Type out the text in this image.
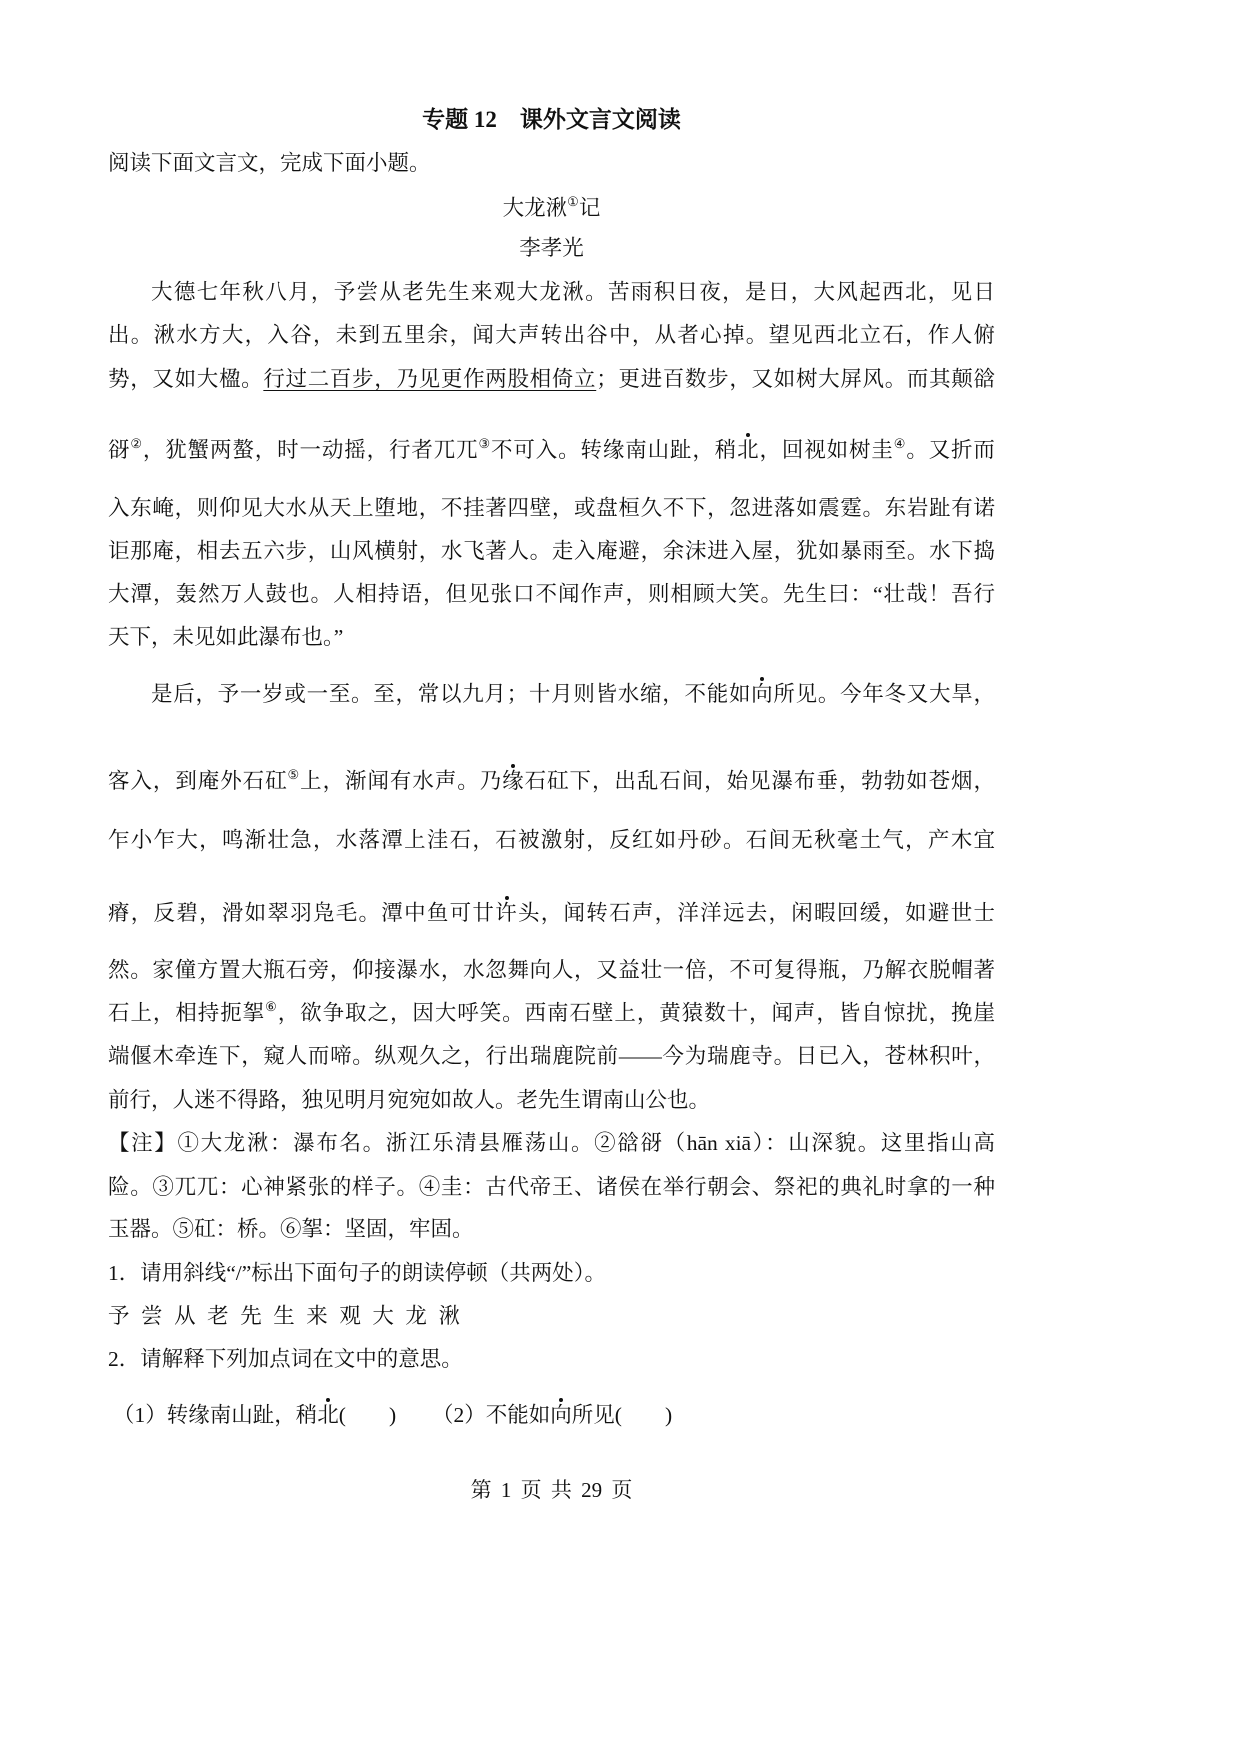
专题 12　课外文言文阅读
阅读下面文言文，完成下面小题。
大龙湫①记
李孝光
大德七年秋八月，予尝从老先生来观大龙湫。苦雨积日夜，是日，大风起西北，见日
出。湫水方大，入谷，未到五里余，闻大声转出谷中，从者心掉。望见西北立石，作人俯
势，又如大楹。行过二百步，乃见更作两股相倚立；更进百数步，又如树大屏风。而其颠谽
谺②，犹蟹两螯，时一动摇，行者兀兀③不可入。转缘南山趾，稍北，回视如树圭④。又折而
入东崦，则仰见大水从天上堕地，不挂著四壁，或盘桓久不下，忽进落如震霆。东岩趾有诺
讵那庵，相去五六步，山风横射，水飞著人。走入庵避，余沫进入屋，犹如暴雨至。水下捣
大潭，轰然万人鼓也。人相持语，但见张口不闻作声，则相顾大笑。先生曰：“壮哉！吾行
天下，未见如此瀑布也。”
是后，予一岁或一至。至，常以九月；十月则皆水缩，不能如向所见。今年冬又大旱，
客入，到庵外石矼⑤上，渐闻有水声。乃缘石矼下，出乱石间，始见瀑布垂，勃勃如苍烟，
乍小乍大，鸣渐壮急，水落潭上洼石，石被激射，反红如丹砂。石间无秋毫土气，产木宜
瘠，反碧，滑如翠羽凫毛。潭中鱼可廿许头，闻转石声，洋洋远去，闲暇回缓，如避世士
然。家僮方置大瓶石旁，仰接瀑水，水忽舞向人，又益壮一倍，不可复得瓶，乃解衣脱帽著
石上，相持扼挐⑥，欲争取之，因大呼笑。西南石壁上，黄猿数十，闻声，皆自惊扰，挽崖
端偃木牵连下，窥人而啼。纵观久之，行出瑞鹿院前——今为瑞鹿寺。日已入，苍林积叶，
前行，人迷不得路，独见明月宛宛如故人。老先生谓南山公也。
【注】①大龙湫：瀑布名。浙江乐清县雁荡山。②谽谺（hān xiā）：山深貌。这里指山高
险。③兀兀：心神紧张的样子。④圭：古代帝王、诸侯在举行朝会、祭祀的典礼时拿的一种
玉器。⑤矼：桥。⑥挐：坚固，牢固。
1．请用斜线“/”标出下面句子的朗读停顿（共两处）。
予 尝 从 老 先 生 来 观 大 龙 湫
2．请解释下列加点词在文中的意思。
（1）转缘南山趾，稍北(　　) （2）不能如向所见(　　)
第 1 页 共 29 页
